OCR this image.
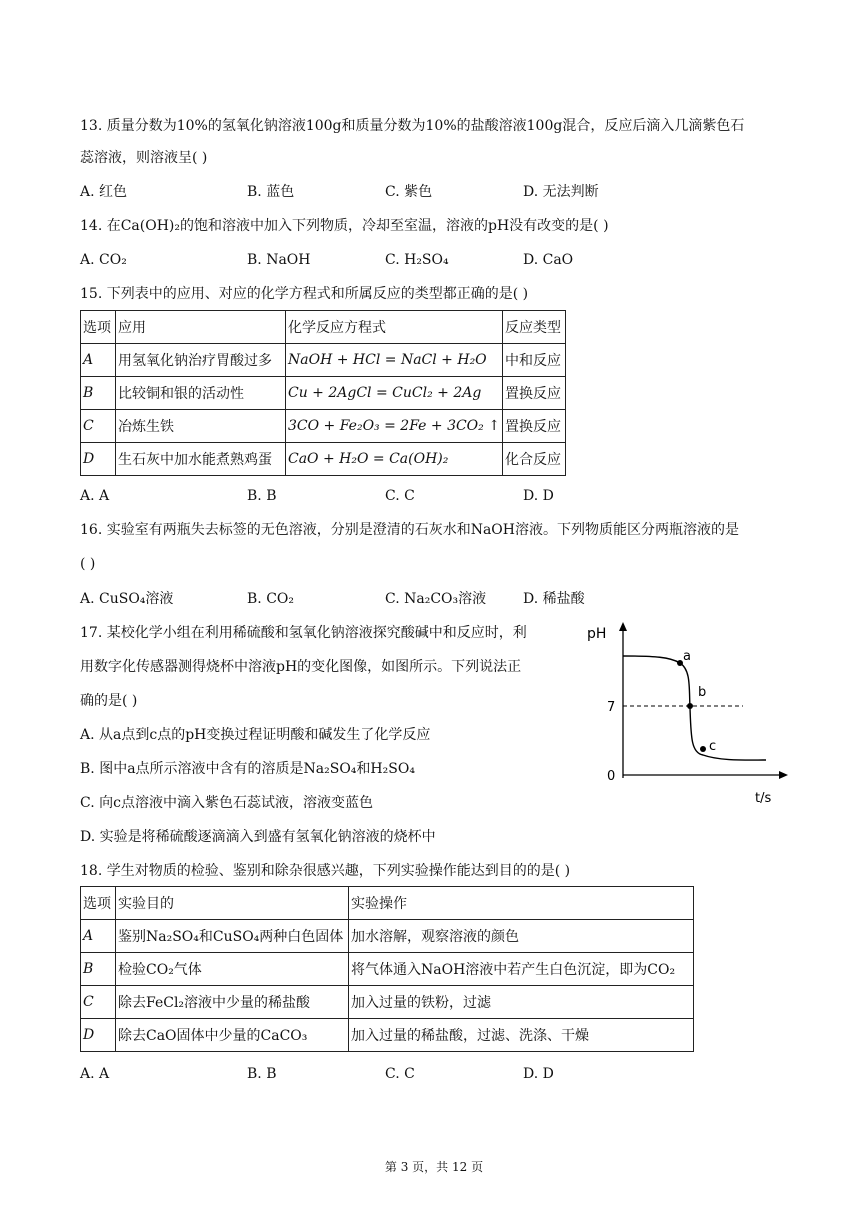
13. 质量分数为10%的氢氧化钠溶液100g和质量分数为10%的盐酸溶液100g混合，反应后滴入几滴紫色石
蕊溶液，则溶液呈( )
A. 红色	B. 蓝色	C. 紫色	D. 无法判断
14. 在Ca(OH)₂的饱和溶液中加入下列物质，冷却至室温，溶液的pH没有改变的是( )
A. CO₂	B. NaOH	C. H₂SO₄	D. CaO
15. 下列表中的应用、对应的化学方程式和所属反应的类型都正确的是( )
选项	应用	化学反应方程式	反应类型
A	用氢氧化钠治疗胃酸过多	NaOH + HCl = NaCl + H₂O	中和反应
B	比较铜和银的活动性	Cu + 2AgCl = CuCl₂ + 2Ag	置换反应
C	冶炼生铁	3CO + Fe₂O₃ = 2Fe + 3CO₂ ↑	置换反应
D	生石灰中加水能煮熟鸡蛋	CaO + H₂O = Ca(OH)₂	化合反应
A. A	B. B	C. C	D. D
16. 实验室有两瓶失去标签的无色溶液，分别是澄清的石灰水和NaOH溶液。下列物质能区分两瓶溶液的是
( )
A. CuSO₄溶液	B. CO₂	C. Na₂CO₃溶液	D. 稀盐酸
17. 某校化学小组在利用稀硫酸和氢氧化钠溶液探究酸碱中和反应时，利
用数字化传感器测得烧杯中溶液pH的变化图像，如图所示。下列说法正
确的是( )
A. 从a点到c点的pH变换过程证明酸和碱发生了化学反应
B. 图中a点所示溶液中含有的溶质是Na₂SO₄和H₂SO₄
C. 向c点溶液中滴入紫色石蕊试液，溶液变蓝色
D. 实验是将稀硫酸逐滴滴入到盛有氢氧化钠溶液的烧杯中
a
b
c
pH
t/s
7
0
18. 学生对物质的检验、鉴别和除杂很感兴趣，下列实验操作能达到目的的是( )
选项	实验目的	实验操作
A	鉴别Na₂SO₄和CuSO₄两种白色固体	加水溶解，观察溶液的颜色
B	检验CO₂气体	将气体通入NaOH溶液中若产生白色沉淀，即为CO₂
C	除去FeCl₂溶液中少量的稀盐酸	加入过量的铁粉，过滤
D	除去CaO固体中少量的CaCO₃	加入过量的稀盐酸，过滤、洗涤、干燥
A. A	B. B	C. C	D. D
第 3 页，共 12 页
